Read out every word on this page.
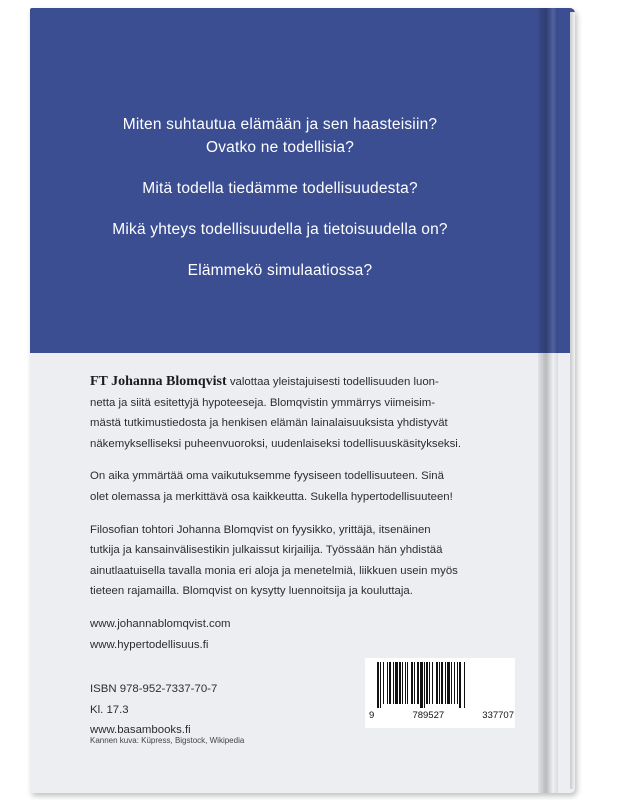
Miten suhtautua elämään ja sen haasteisiin?

Ovatko ne todellisia?

Mitä todella tiedämme todellisuudesta?

Mikä yhteys todellisuudella ja tietoisuudella on?

Elämmekö simulaatiossa?

FT Johanna Blomqvist valottaa yleistajuisesti todellisuuden luon-
netta ja siitä esitettyjä hypoteeseja. Blomqvistin ymmärrys viimeisim-
mästä tutkimustiedosta ja henkisen elämän lainalaisuuksista yhdistyvät
näkemykselliseksi puheenvuoroksi, uudenlaiseksi todellisuuskäsitykseksi.

On aika ymmärtää oma vaikutuksemme fyysiseen todellisuuteen. Sinä
olet olemassa ja merkittävä osa kaikkeutta. Sukella hypertodellisuuteen!

Filosofian tohtori Johanna Blomqvist on fyysikko, yrittäjä, itsenäinen
tutkija ja kansainvälisestikin julkaissut kirjailija. Työssään hän yhdistää
ainutlaatuisella tavalla monia eri aloja ja menetelmiä, liikkuen usein myös
tieteen rajamailla. Blomqvist on kysytty luennoitsija ja kouluttaja.

www.johannablomqvist.com
www.hypertodellisuus.fi
ISBN 978-952-7337-70-7
Kl. 17.3
www.basambooks.fi
9	789527	337707
Kannen kuva: Küpress, Bigstock, Wikipedia
